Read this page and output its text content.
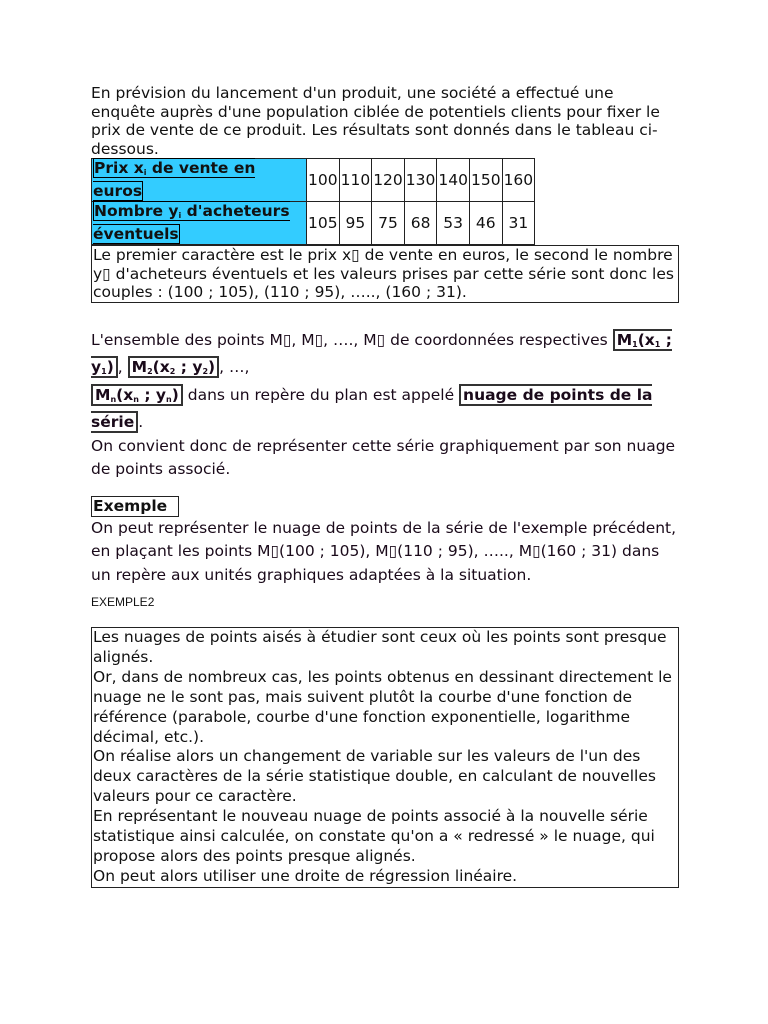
En prévision du lancement d'un produit, une société a effectué une enquête auprès d'une population ciblée de potentiels clients pour fixer le prix de vente de ce produit. Les résultats sont donnés dans le tableau ci-dessous.

Prix $x_i$ de vente en euros	100	110	120	130	140	150	160
Nombre $y_i$ d'acheteurs éventuels	105	95	75	68	53	46	31
Le premier caractère est le prix x▯ de vente en euros, le second le nombre y▯ d'acheteurs éventuels et les valeurs prises par cette série sont donc les couples : (100 ; 105), (110 ; 95), ….., (160 ; 31).

L'ensemble des points M▯, M▯, …., M▯ de coordonnées respectives $M_1(x_1$ ; $y_1$) , $M_2(x_2$ ; $y_2$) , …,
$M_n(x_n$ ; $y_n$) dans un repère du plan est appelé nuage de points de la série .

On convient donc de représenter cette série graphiquement par son nuage de points associé.

Exemple

On peut représenter le nuage de points de la série de l'exemple précédent, en plaçant les points M▯(100 ; 105), M▯(110 ; 95), ….., M▯(160 ; 31) dans un repère aux unités graphiques adaptées à la situation.

EXEMPLE2

Les nuages de points aisés à étudier sont ceux où les points sont presque alignés.

Or, dans de nombreux cas, les points obtenus en dessinant directement le nuage ne le sont pas, mais suivent plutôt la courbe d'une fonction de référence (parabole, courbe d'une fonction exponentielle, logarithme décimal, etc.).

On réalise alors un changement de variable sur les valeurs de l'un des deux caractères de la série statistique double, en calculant de nouvelles valeurs pour ce caractère.

En représentant le nouveau nuage de points associé à la nouvelle série statistique ainsi calculée, on constate qu'on a « redressé » le nuage, qui propose alors des points presque alignés.

On peut alors utiliser une droite de régression linéaire.
